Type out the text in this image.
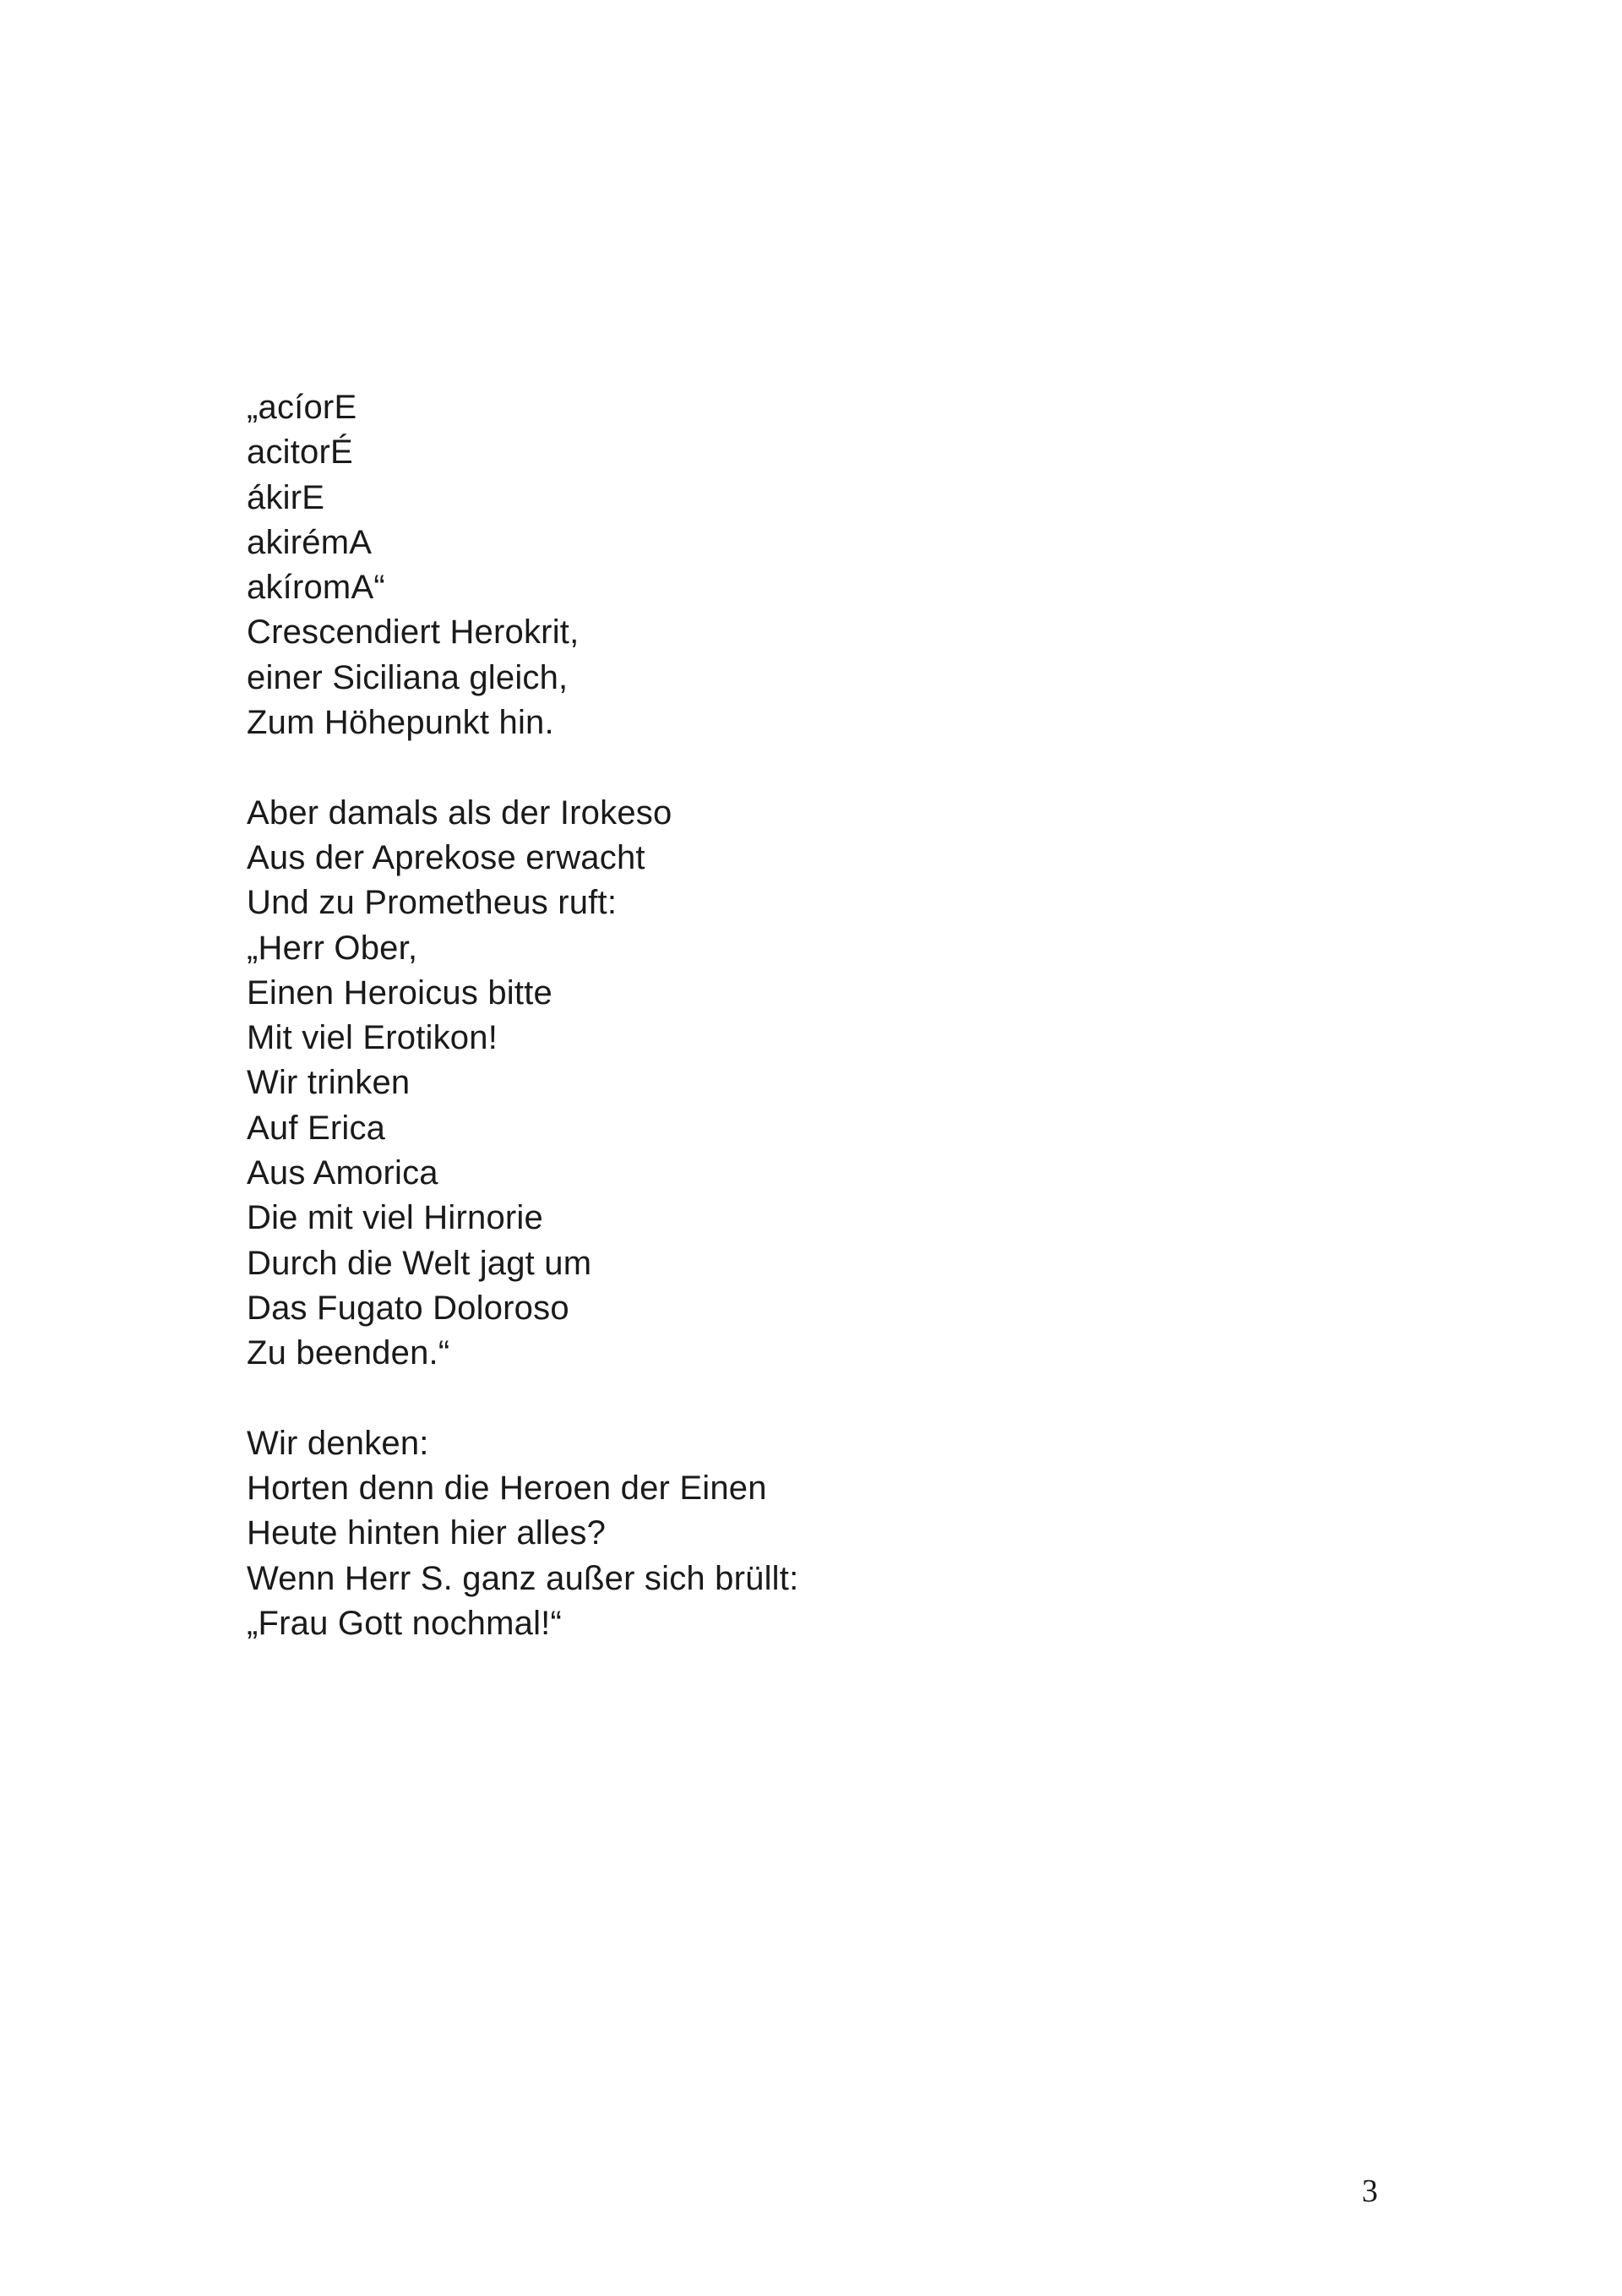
„acíorE
acitorÉ
ákirE
akirémA
akíromA“
Crescendiert Herokrit,
einer Siciliana gleich,
Zum Höhepunkt hin.
Aber damals als der Irokeso
Aus der Aprekose erwacht
Und zu Prometheus ruft:
„Herr Ober,
Einen Heroicus bitte
Mit viel Erotikon!
Wir trinken
Auf Erica
Aus Amorica
Die mit viel Hirnorie
Durch die Welt jagt um
Das Fugato Doloroso
Zu beenden.“
Wir denken:
Horten denn die Heroen der Einen
Heute hinten hier alles?
Wenn Herr S. ganz außer sich brüllt:
„Frau Gott nochmal!“
3
